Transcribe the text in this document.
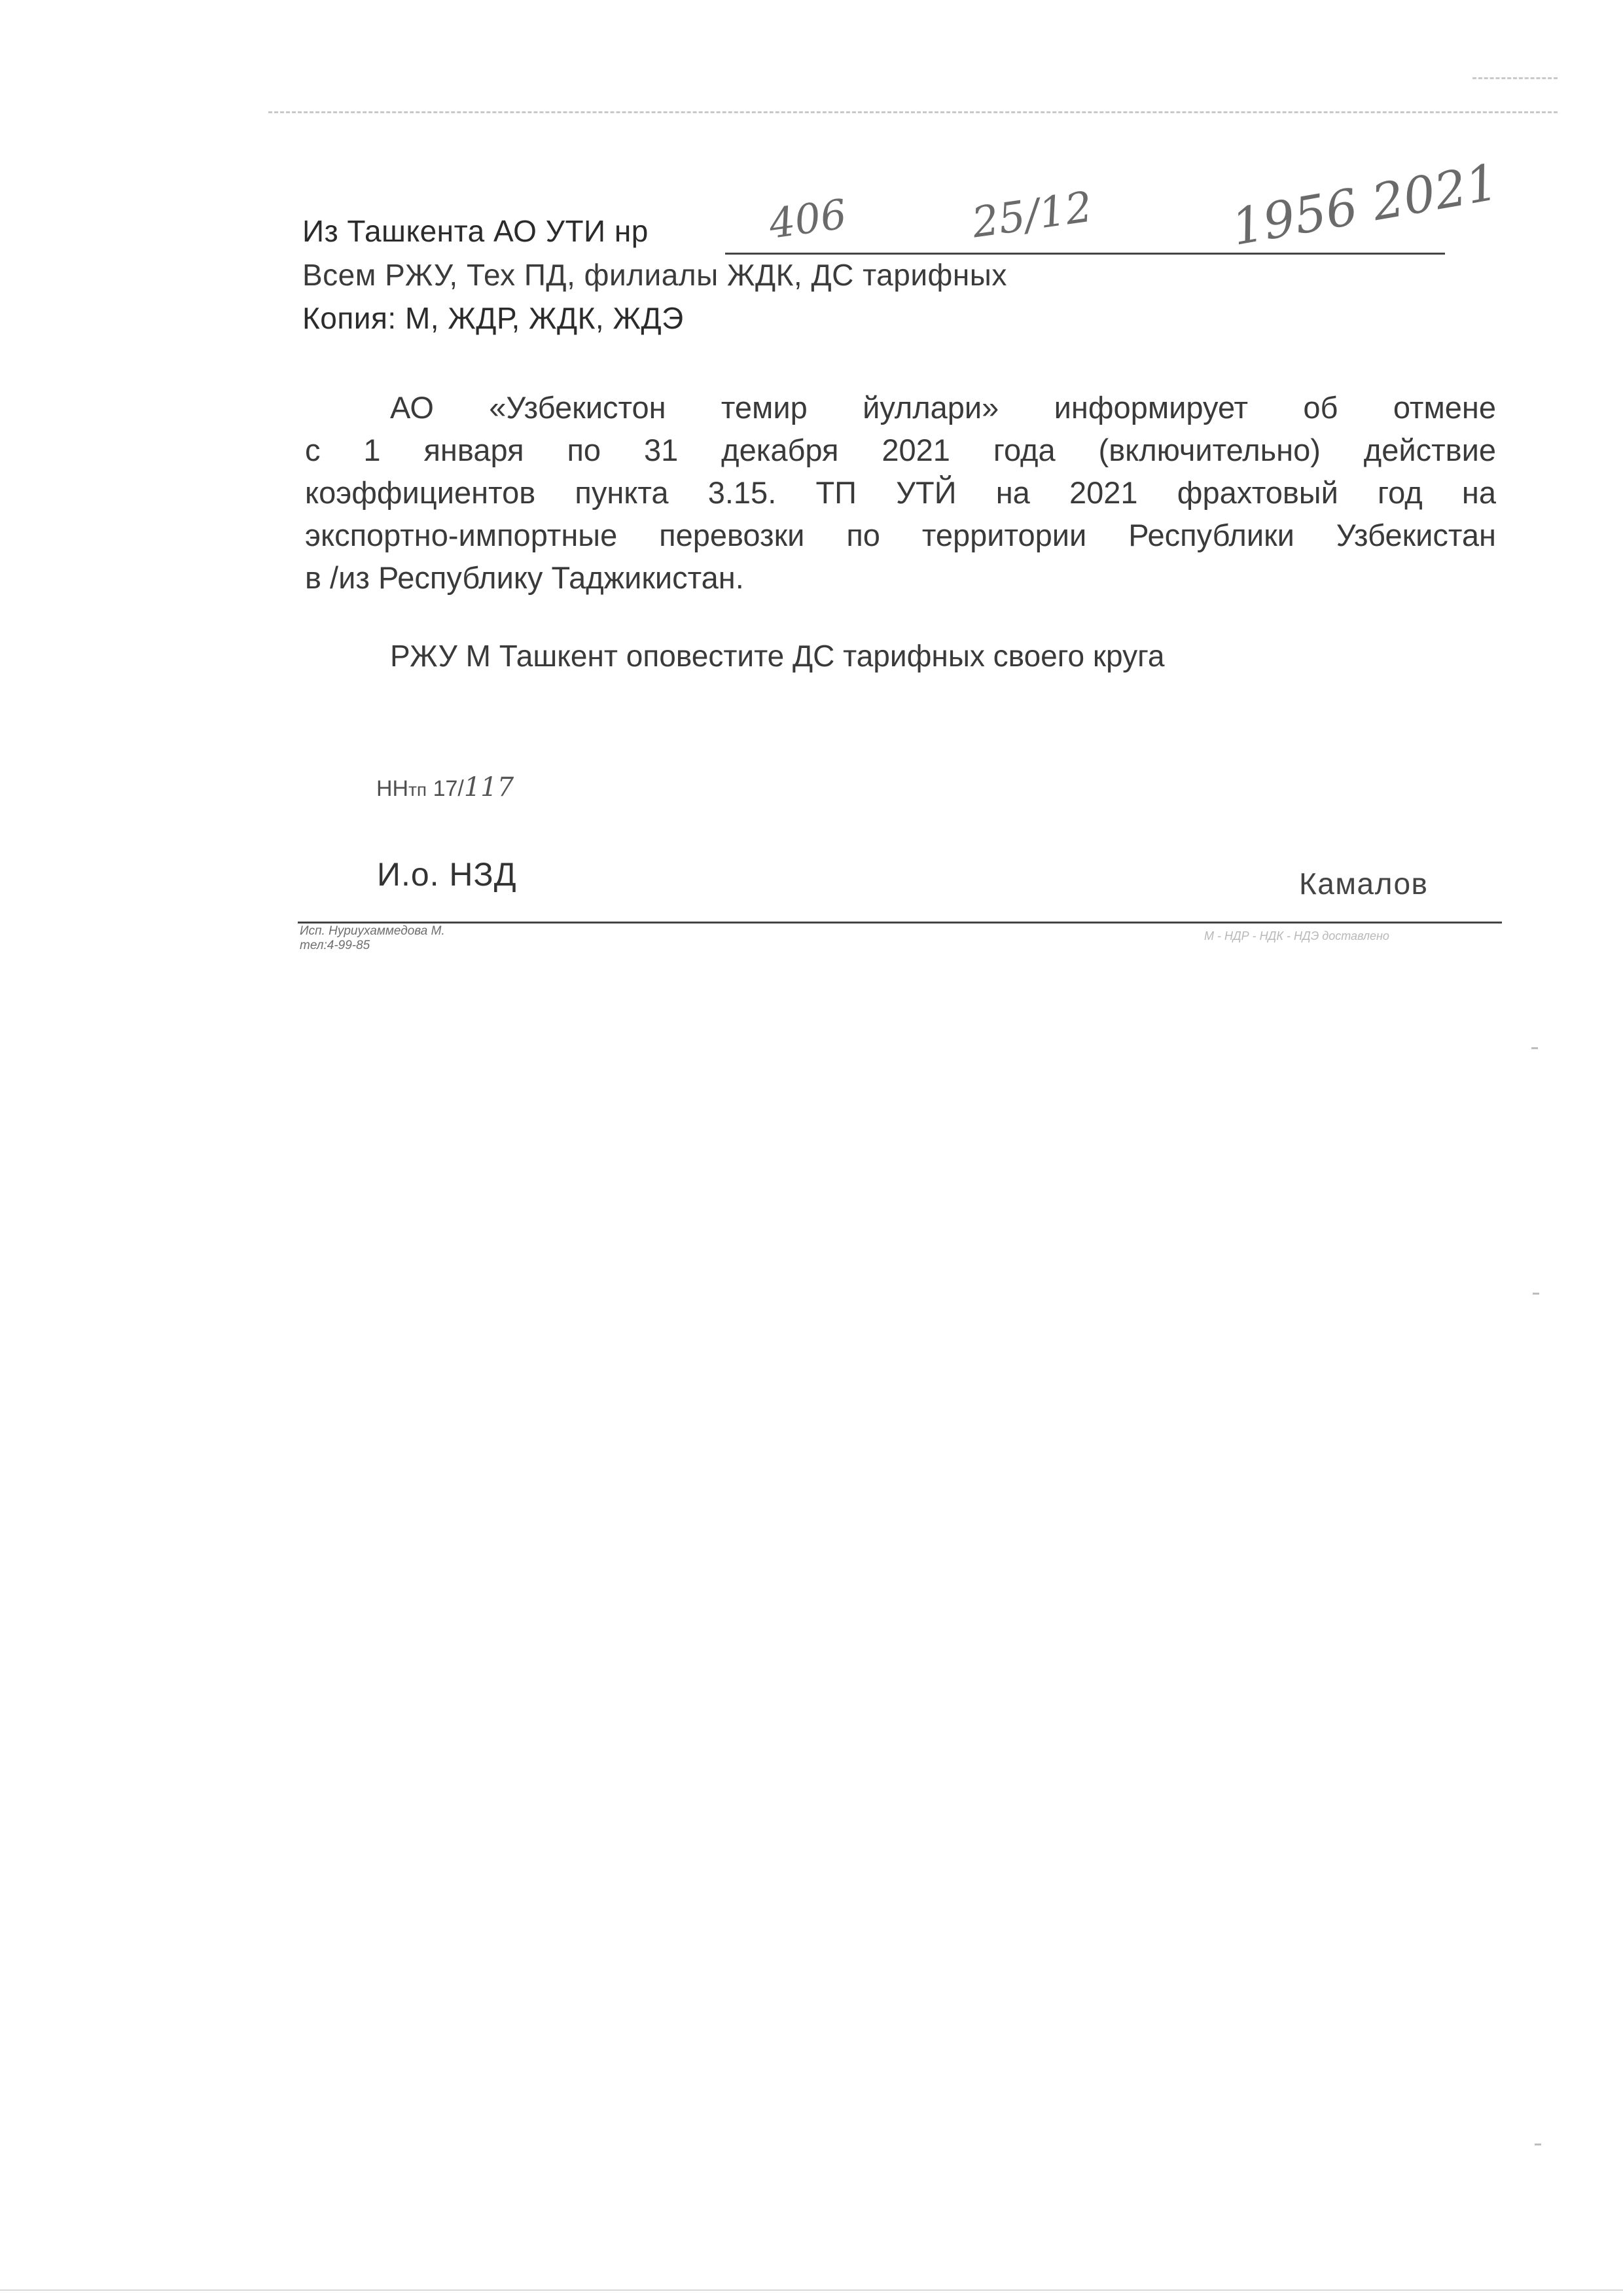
Из Ташкента АО УТИ нр	406	25/12	1956 2021
Всем РЖУ, Тех ПД, филиалы ЖДК, ДС тарифных
Копия: М, ЖДР, ЖДК, ЖДЭ
АО «Узбекистон темир йуллари» информирует об отмене
с 1 января по 31 декабря 2021 года (включительно) действие
коэффициентов пункта 3.15. ТП УТЙ на 2021 фрахтовый год на
экспортно-импортные перевозки по территории Республики Узбекистан
в /из Республику Таджикистан.
РЖУ М Ташкент оповестите ДС тарифных своего круга
ННтп 17/117
И.о. НЗД	Камалов
Исп. Нуриухаммедова М.
тел:4-99-85
М - НДР - НДК - НДЭ доставлено
